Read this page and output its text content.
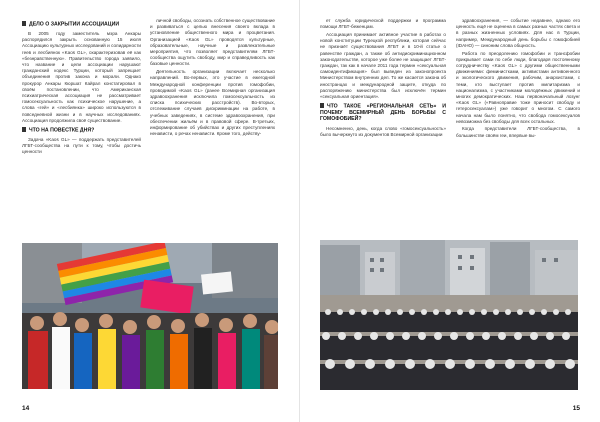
ДЕЛО О ЗАКРЫТИИ АССОЦИАЦИИ

В 2005 году заместитель мэра Анкары распорядился закрыть основанную 15 июля Ассоциацию культурных исследований и солидарности геев и лесбиянок «Kaos GL», охарактеризовав её как «безнравственную». Правительство города заявило, что название и цели ассоциации нарушают гражданский кодекс Турции, который запрещает объединения против закона и морали. Однако прокурор Анкары Кюршат Кайрал констатировал в своём постановлении, что Американская психиатрическая ассоциация не рассматривает гомосексуальность как психическое нарушение, а слова «гей» и «лесбиянка» широко используются в повседневной жизни и в научных исследованиях. Ассоциация продолжила своё существование.

ЧТО НА ПОВЕСТКЕ ДНЯ?

Задача «Kaos GL» — поддержать представителей ЛГБТ-сообщества на пути к тому, чтобы достичь ценности

личной свободы, осознать собственное существование и развиваться с целью внесения своего вклада в установление общественного мира и процветания. Организацией «Kaos GL» проводятся культурные, образовательные, научные и развлекательные мероприятия, что позволяет представителям ЛГБТ-сообщества ощутить свободу, мир и справедливость как базовые ценности.

Деятельность организации включает несколько направлений. Во-первых, это участие в ежегодной Международной конференции против гомофобии, проводимой «Kaos GL» (ранее Всемирная организация здравоохранения исключила гомосексуальность из списка психических расстройств). Во-вторых, отслеживание случаев дискриминации на работе, в учебных заведениях, в системе здравоохранения, при обеспечении жильём и в правовой сфере. В-третьих, информирование об убийствах и других преступлениях ненависти, о речах ненависти. Кроме того, действу-

14

ет служба юридической поддержки и программа помощи ЛГБТ-беженцам.

Ассоциация принимает активное участие в работах о новой конституции Турецкой республики, которая сейчас не признаёт существования ЛГБТ и в 10-й статье о равенстве граждан, а также об антидискриминационном законодательстве, которое уже более не защищает ЛГБТ-граждан, так как в начале 2011 года термин «сексуальная самоидентификация» был выведен из законопроекта Министерством внутренних дел. То же касается закона об иностранцах и международной защите, откуда по распоряжению министерства был исключён термин «сексуальная ориентация».

ЧТО ТАКОЕ «РЕГИОНАЛЬНАЯ СЕТЬ» И ПОЧЕМУ ВСЕМИРНЫЙ ДЕНЬ БОРЬБЫ С ГОМОФОБИЕЙ?

Несомненно, день, когда слово «гомосексуальность» было вычеркнуто из документов Всемирной организации

здравоохранения, — событие недавнее, однако его ценность ещё не оценена в самых разных частях света и в разных жизненных условиях. Для нас в Турции, например, Международный день борьбы с гомофобией (IDAHO) — синоним слова общность.

Работа по преодолению гомофобии и трансфобии прикрывает сами по себе люди, благодаря постоянному сотрудничеству «Kaos GL» с другими общественными движениями: феминистками, активистами антивоенного и экологического движения, рабочим, анархистами, с теми, кто выступает против милитаризма и национализма, с участниками молодёжных движений и многих демократических. Наш первоначальный лозунг «Kaos GL» («Равноправие тоже приносит свободу и гетеросексуалам») уже говорит о многом. С самого начала нам было понятно, что свобода гомосексуалов невозможна без свободы для всех остальных.

Когда представители ЛГБТ-сообщества, в большинстве своём геи, впервые вы-

15
